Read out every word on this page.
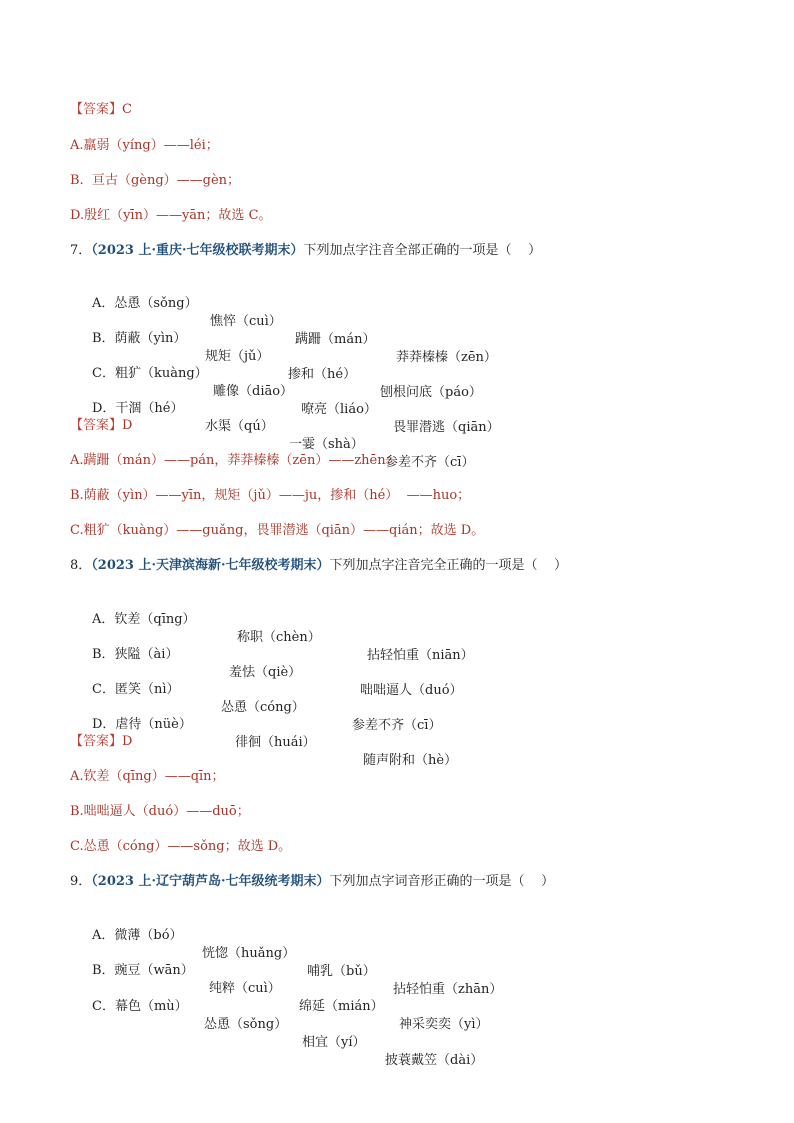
【答案】C
A.羸弱（yíng）——léi；
B.  亘古（gèng）——gèn；
D.殷红（yīn）——yān；故选 C。
7．（2023 上·重庆·七年级校联考期末）下列加点字注音全部正确的一项是（    ）

A．怂恿（sǒng）

憔悴（cuì）

蹒跚（mán）

莽莽榛榛（zēn）

B．荫蔽（yìn）

规矩（jǔ）

掺和（hé）

刨根问底（páo）

C．粗犷（kuàng）

雕像（diāo）

嘹亮（liáo）

畏罪潜逃（qiān）

D．干涸（hé）

水渠（qú）

一霎（shà）

参差不齐（cī）

【答案】D
A.蹒跚（mán）——pán，莽莽榛榛（zēn）——zhēn；
B.荫蔽（yìn）——yīn，规矩（jǔ）——ju，掺和（hé）  ——huo；
C.粗犷（kuàng）——guǎng，畏罪潜逃（qiān）——qián；故选 D。
8．（2023 上·天津滨海新·七年级校考期末）下列加点字注音完全正确的一项是（    ）

A．钦差（qīng）

称职（chèn）

拈轻怕重（niān）

B．狭隘（ài）

羞怯（qiè）

咄咄逼人（duó）

C．匿笑（nì）

怂恿（cóng）

参差不齐（cī）

D．虐待（nüè）

徘徊（huái）

随声附和（hè）

【答案】D
A.钦差（qīng）——qīn；
B.咄咄逼人（duó）——duō；
C.怂恿（cóng）——sǒng；故选 D。
9．（2023 上·辽宁葫芦岛·七年级统考期末）下列加点字词音形正确的一项是（    ）

A．微薄（bó）

恍惚（huǎng）

哺乳（bǔ）

拈轻怕重（zhān）

B．豌豆（wān）

纯粹（cuì）

绵延（mián）

神采奕奕（yì）

C．幕色（mù）

怂恿（sǒng）

相宜（yí）

披蓑戴笠（dài）
